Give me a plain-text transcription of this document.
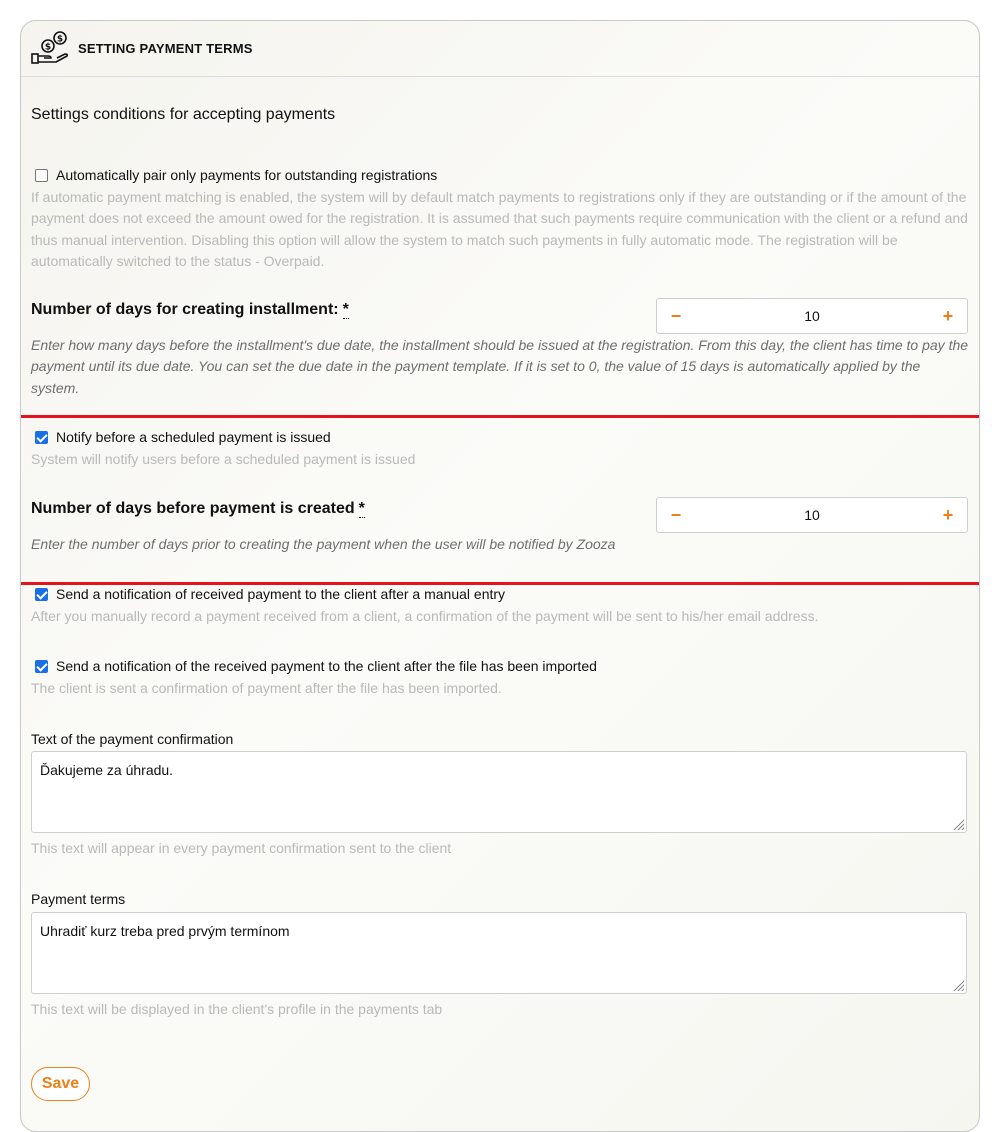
$
$ SETTING PAYMENT TERMS
Settings conditions for accepting payments
Automatically pair only payments for outstanding registrations
If automatic payment matching is enabled, the system will by default match payments to registrations only if they are outstanding or if the amount of the payment does not exceed the amount owed for the registration. It is assumed that such payments require communication with the client or a refund and thus manual intervention. Disabling this option will allow the system to match such payments in fully automatic mode. The registration will be automatically switched to the status - Overpaid.
Number of days for creating installment: *	−	10	+
Enter how many days before the installment's due date, the installment should be issued at the registration. From this day, the client has time to pay the payment until its due date. You can set the due date in the payment template. If it is set to 0, the value of 15 days is automatically applied by the system.
Notify before a scheduled payment is issued
System will notify users before a scheduled payment is issued
Number of days before payment is created *	−	10	+
Enter the number of days prior to creating the payment when the user will be notified by Zooza
Send a notification of received payment to the client after a manual entry
After you manually record a payment received from a client, a confirmation of the payment will be sent to his/her email address.
Send a notification of the received payment to the client after the file has been imported
The client is sent a confirmation of payment after the file has been imported.
Text of the payment confirmation
Ďakujeme za úhradu.
This text will appear in every payment confirmation sent to the client
Payment terms
Uhradiť kurz treba pred prvým termínom
This text will be displayed in the client's profile in the payments tab
Save
